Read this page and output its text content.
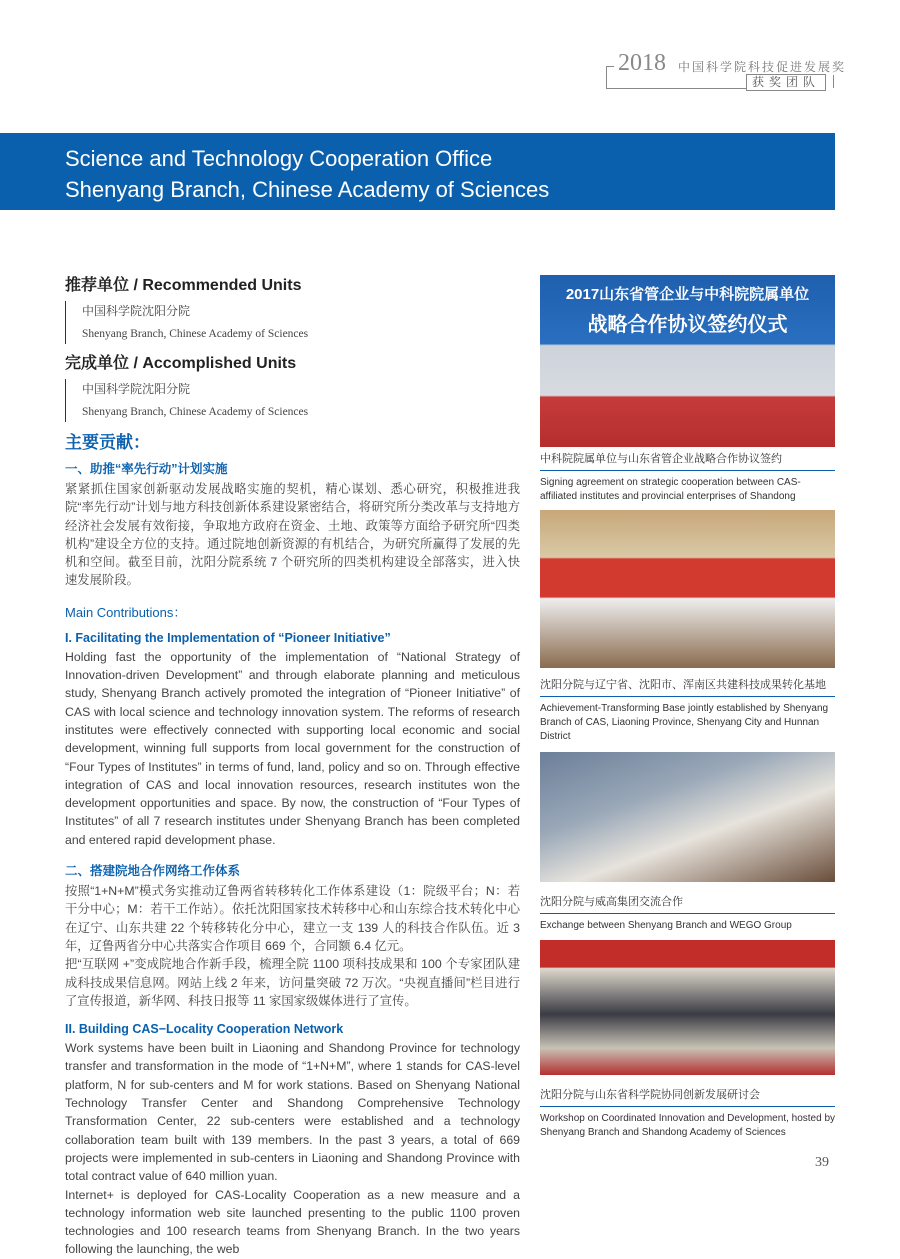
2018 中国科学院科技促进发展奖
获奖团队
Science and Technology Cooperation Office
Shenyang Branch, Chinese Academy of Sciences
推荐单位 / Recommended Units
中国科学院沈阳分院
Shenyang Branch, Chinese Academy of Sciences
完成单位 / Accomplished Units
中国科学院沈阳分院
Shenyang Branch, Chinese Academy of Sciences
主要贡献：
一、助推“率先行动”计划实施

紧紧抓住国家创新驱动发展战略实施的契机，精心谋划、悉心研究，积极推进我院“率先行动”计划与地方科技创新体系建设紧密结合，将研究所分类改革与支持地方经济社会发展有效衔接，争取地方政府在资金、土地、政策等方面给予研究所“四类机构”建设全方位的支持。通过院地创新资源的有机结合，为研究所赢得了发展的先机和空间。截至目前，沈阳分院系统 7 个研究所的四类机构建设全部落实，进入快速发展阶段。

Main Contributions：
I. Facilitating the Implementation of “Pioneer Initiative”

Holding fast the opportunity of the implementation of “National Strategy of Innovation-driven Development” and through elaborate planning and meticulous study, Shenyang Branch actively promoted the integration of “Pioneer Initiative” of CAS with local science and technology innovation system. The reforms of research institutes were effectively connected with supporting local economic and social development, winning full supports from local government for the construction of “Four Types of Institutes” in terms of fund, land, policy and so on. Through effective integration of CAS and local innovation resources, research institutes won the development opportunities and space. By now, the construction of “Four Types of Institutes” of all 7 research institutes under Shenyang Branch has been completed and entered rapid development phase.

二、搭建院地合作网络工作体系

按照“1+N+M”模式务实推动辽鲁两省转移转化工作体系建设（1：院级平台；N：若干分中心；M：若干工作站）。依托沈阳国家技术转移中心和山东综合技术转化中心在辽宁、山东共建 22 个转移转化分中心，建立一支 139 人的科技合作队伍。近 3 年，辽鲁两省分中心共落实合作项目 669 个，合同额 6.4 亿元。

把“互联网 +”变成院地合作新手段，梳理全院 1100 项科技成果和 100 个专家团队建成科技成果信息网。网站上线 2 年来，访问量突破 72 万次。“央视直播间”栏目进行了宣传报道，新华网、科技日报等 11 家国家级媒体进行了宣传。

II. Building CAS−Locality Cooperation Network

Work systems have been built in Liaoning and Shandong Province for technology transfer and transformation in the mode of “1+N+M”, where 1 stands for CAS-level platform, N for sub-centers and M for work stations. Based on Shenyang National Technology Transfer Center and Shandong Comprehensive Technology Transformation Center, 22 sub-centers were established and a technology collaboration team built with 139 members. In the past 3 years, a total of 669 projects were implemented in sub-centers in Liaoning and Shandong Province with total contract value of 640 million yuan.

Internet+ is deployed for CAS-Locality Cooperation as a new measure and a technology information web site launched presenting to the public 1100 proven technologies and 100 research teams from Shenyang Branch. In the two years following the launching, the web

2017山东省管企业与中科院院属单位
战略合作协议签约仪式
中科院院属单位与山东省管企业战略合作协议签约
Signing agreement on strategic cooperation between CAS-affiliated institutes and provincial enterprises of Shandong
沈阳分院与辽宁省、沈阳市、浑南区共建科技成果转化基地
Achievement-Transforming Base jointly established by Shenyang Branch of CAS, Liaoning Province, Shenyang City and Hunnan District
沈阳分院与威高集团交流合作
Exchange between Shenyang Branch and WEGO Group
沈阳分院与山东省科学院协同创新发展研讨会
Workshop on Coordinated Innovation and Development, hosted by Shenyang Branch and Shandong Academy of Sciences
39
